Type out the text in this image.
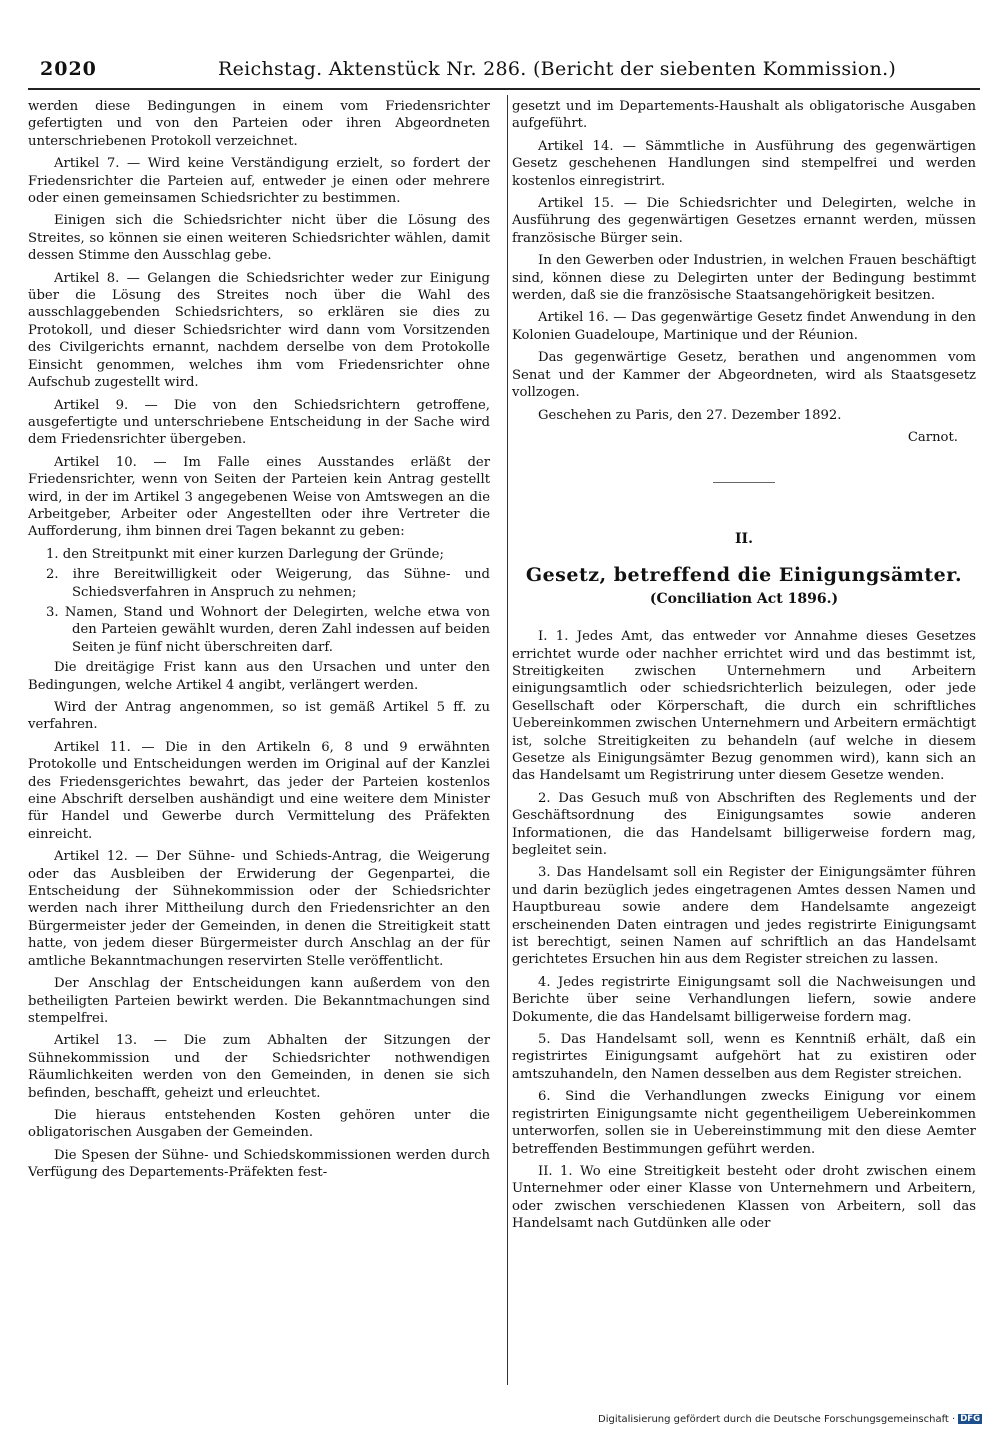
2020	Reichstag. Aktenstück Nr. 286. (Bericht der siebenten Kommission.)

werden diese Bedingungen in einem vom Friedensrichter gefertigten und von den Parteien oder ihren Abgeordneten unterschriebenen Protokoll verzeichnet.

Artikel 7. — Wird keine Verständigung erzielt, so fordert der Friedensrichter die Parteien auf, entweder je einen oder mehrere oder einen gemeinsamen Schiedsrichter zu bestimmen.

Einigen sich die Schiedsrichter nicht über die Lösung des Streites, so können sie einen weiteren Schiedsrichter wählen, damit dessen Stimme den Ausschlag gebe.

Artikel 8. — Gelangen die Schiedsrichter weder zur Einigung über die Lösung des Streites noch über die Wahl des ausschlaggebenden Schiedsrichters, so erklären sie dies zu Protokoll, und dieser Schiedsrichter wird dann vom Vorsitzenden des Civilgerichts ernannt, nachdem derselbe von dem Protokolle Einsicht genommen, welches ihm vom Friedensrichter ohne Aufschub zugestellt wird.

Artikel 9. — Die von den Schiedsrichtern getroffene, ausgefertigte und unterschriebene Entscheidung in der Sache wird dem Friedensrichter übergeben.

Artikel 10. — Im Falle eines Ausstandes erläßt der Friedensrichter, wenn von Seiten der Parteien kein Antrag gestellt wird, in der im Artikel 3 angegebenen Weise von Amtswegen an die Arbeitgeber, Arbeiter oder Angestellten oder ihre Vertreter die Aufforderung, ihm binnen drei Tagen bekannt zu geben:

1. den Streitpunkt mit einer kurzen Darlegung der Gründe;

2. ihre Bereitwilligkeit oder Weigerung, das Sühne- und Schiedsverfahren in Anspruch zu nehmen;

3. Namen, Stand und Wohnort der Delegirten, welche etwa von den Parteien gewählt wurden, deren Zahl indessen auf beiden Seiten je fünf nicht überschreiten darf.

Die dreitägige Frist kann aus den Ursachen und unter den Bedingungen, welche Artikel 4 angibt, verlängert werden.

Wird der Antrag angenommen, so ist gemäß Artikel 5 ff. zu verfahren.

Artikel 11. — Die in den Artikeln 6, 8 und 9 erwähnten Protokolle und Entscheidungen werden im Original auf der Kanzlei des Friedensgerichtes bewahrt, das jeder der Parteien kostenlos eine Abschrift derselben aushändigt und eine weitere dem Minister für Handel und Gewerbe durch Vermittelung des Präfekten einreicht.

Artikel 12. — Der Sühne- und Schieds-Antrag, die Weigerung oder das Ausbleiben der Erwiderung der Gegenpartei, die Entscheidung der Sühnekommission oder der Schiedsrichter werden nach ihrer Mittheilung durch den Friedensrichter an den Bürgermeister jeder der Gemeinden, in denen die Streitigkeit statt hatte, von jedem dieser Bürgermeister durch Anschlag an der für amtliche Bekanntmachungen reservirten Stelle veröffentlicht.

Der Anschlag der Entscheidungen kann außerdem von den betheiligten Parteien bewirkt werden. Die Bekanntmachungen sind stempelfrei.

Artikel 13. — Die zum Abhalten der Sitzungen der Sühnekommission und der Schiedsrichter nothwendigen Räumlichkeiten werden von den Gemeinden, in denen sie sich befinden, beschafft, geheizt und erleuchtet.

Die hieraus entstehenden Kosten gehören unter die obligatorischen Ausgaben der Gemeinden.

Die Spesen der Sühne- und Schiedskommissionen werden durch Verfügung des Departements-Präfekten fest-

gesetzt und im Departements-Haushalt als obligatorische Ausgaben aufgeführt.

Artikel 14. — Sämmtliche in Ausführung des gegenwärtigen Gesetz geschehenen Handlungen sind stempelfrei und werden kostenlos einregistrirt.

Artikel 15. — Die Schiedsrichter und Delegirten, welche in Ausführung des gegenwärtigen Gesetzes ernannt werden, müssen französische Bürger sein.

In den Gewerben oder Industrien, in welchen Frauen beschäftigt sind, können diese zu Delegirten unter der Bedingung bestimmt werden, daß sie die französische Staatsangehörigkeit besitzen.

Artikel 16. — Das gegenwärtige Gesetz findet Anwendung in den Kolonien Guadeloupe, Martinique und der Réunion.

Das gegenwärtige Gesetz, berathen und angenommen vom Senat und der Kammer der Abgeordneten, wird als Staatsgesetz vollzogen.

Geschehen zu Paris, den 27. Dezember 1892.

Carnot.

II.

Gesetz, betreffend die Einigungsämter.

(Conciliation Act 1896.)

I. 1. Jedes Amt, das entweder vor Annahme dieses Gesetzes errichtet wurde oder nachher errichtet wird und das bestimmt ist, Streitigkeiten zwischen Unternehmern und Arbeitern einigungsamtlich oder schiedsrichterlich beizulegen, oder jede Gesellschaft oder Körperschaft, die durch ein schriftliches Uebereinkommen zwischen Unternehmern und Arbeitern ermächtigt ist, solche Streitigkeiten zu behandeln (auf welche in diesem Gesetze als Einigungsämter Bezug genommen wird), kann sich an das Handelsamt um Registrirung unter diesem Gesetze wenden.

2. Das Gesuch muß von Abschriften des Reglements und der Geschäftsordnung des Einigungsamtes sowie anderen Informationen, die das Handelsamt billigerweise fordern mag, begleitet sein.

3. Das Handelsamt soll ein Register der Einigungsämter führen und darin bezüglich jedes eingetragenen Amtes dessen Namen und Hauptbureau sowie andere dem Handelsamte angezeigt erscheinenden Daten eintragen und jedes registrirte Einigungsamt ist berechtigt, seinen Namen auf schriftlich an das Handelsamt gerichtetes Ersuchen hin aus dem Register streichen zu lassen.

4. Jedes registrirte Einigungsamt soll die Nachweisungen und Berichte über seine Verhandlungen liefern, sowie andere Dokumente, die das Handelsamt billigerweise fordern mag.

5. Das Handelsamt soll, wenn es Kenntniß erhält, daß ein registrirtes Einigungsamt aufgehört hat zu existiren oder amtszuhandeln, den Namen desselben aus dem Register streichen.

6. Sind die Verhandlungen zwecks Einigung vor einem registrirten Einigungsamte nicht gegentheiligem Uebereinkommen unterworfen, sollen sie in Uebereinstimmung mit den diese Aemter betreffenden Bestimmungen geführt werden.

II. 1. Wo eine Streitigkeit besteht oder droht zwischen einem Unternehmer oder einer Klasse von Unternehmern und Arbeitern, oder zwischen verschiedenen Klassen von Arbeitern, soll das Handelsamt nach Gutdünken alle oder

Digitalisierung gefördert durch die Deutsche Forschungsgemeinschaft · DFG
